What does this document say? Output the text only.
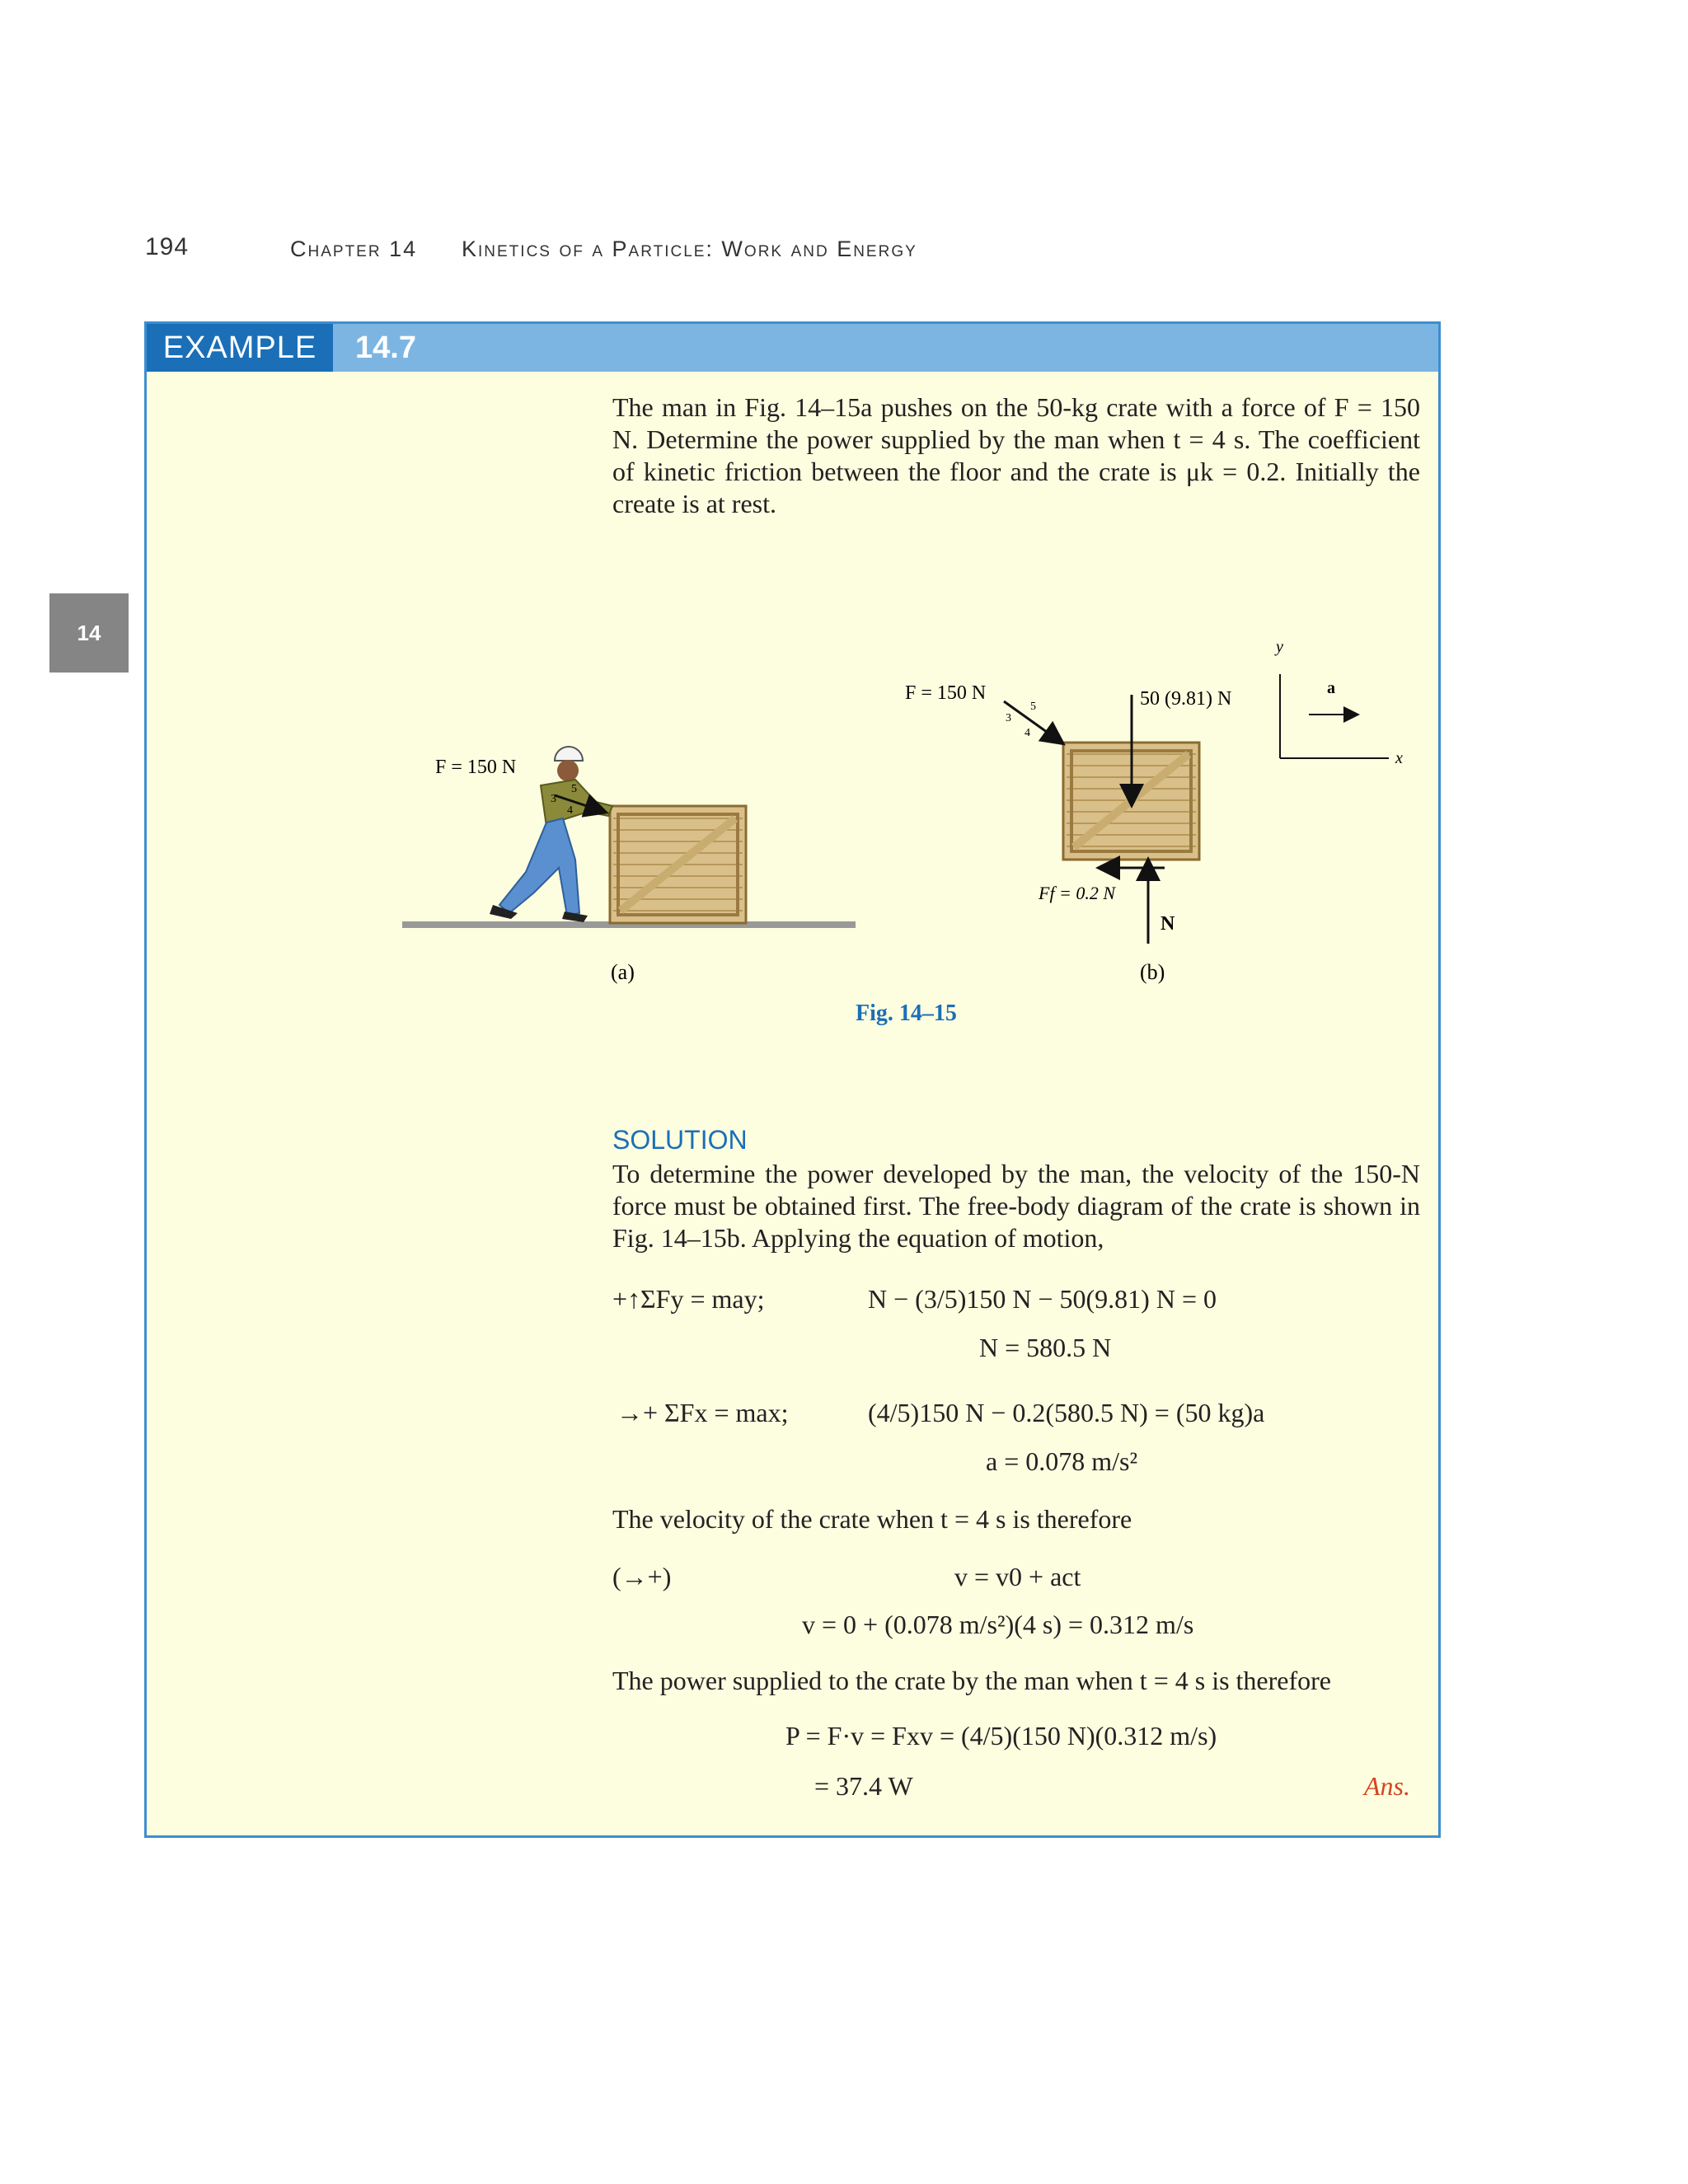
194	Chapter 14 Kinetics of a Particle: Work and Energy
14
EXAMPLE	14.7
The man in Fig. 14–15a pushes on the 50-kg crate with a force of F = 150 N. Determine the power supplied by the man when t = 4 s. The coefficient of kinetic friction between the floor and the crate is μk = 0.2. Initially the create is at rest.
F = 150 N
5
3
4
(a)
F = 150 N
5
3
4
50 (9.81) N
Ff = 0.2 N
N
(b)
y
x
a
Fig. 14–15
SOLUTION
To determine the power developed by the man, the velocity of the 150-N force must be obtained first. The free-body diagram of the crate is shown in Fig. 14–15b. Applying the equation of motion,
+↑ΣFy = may;	N − (3/5)150 N − 50(9.81) N = 0
N = 580.5 N
→+ ΣFx = max;	(4/5)150 N − 0.2(580.5 N) = (50 kg)a
a = 0.078 m/s²
The velocity of the crate when t = 4 s is therefore
(→+)	v = v0 + act
v = 0 + (0.078 m/s²)(4 s) = 0.312 m/s
The power supplied to the crate by the man when t = 4 s is therefore
P = F·v = Fxv = (4/5)(150 N)(0.312 m/s)
= 37.4 W	Ans.
